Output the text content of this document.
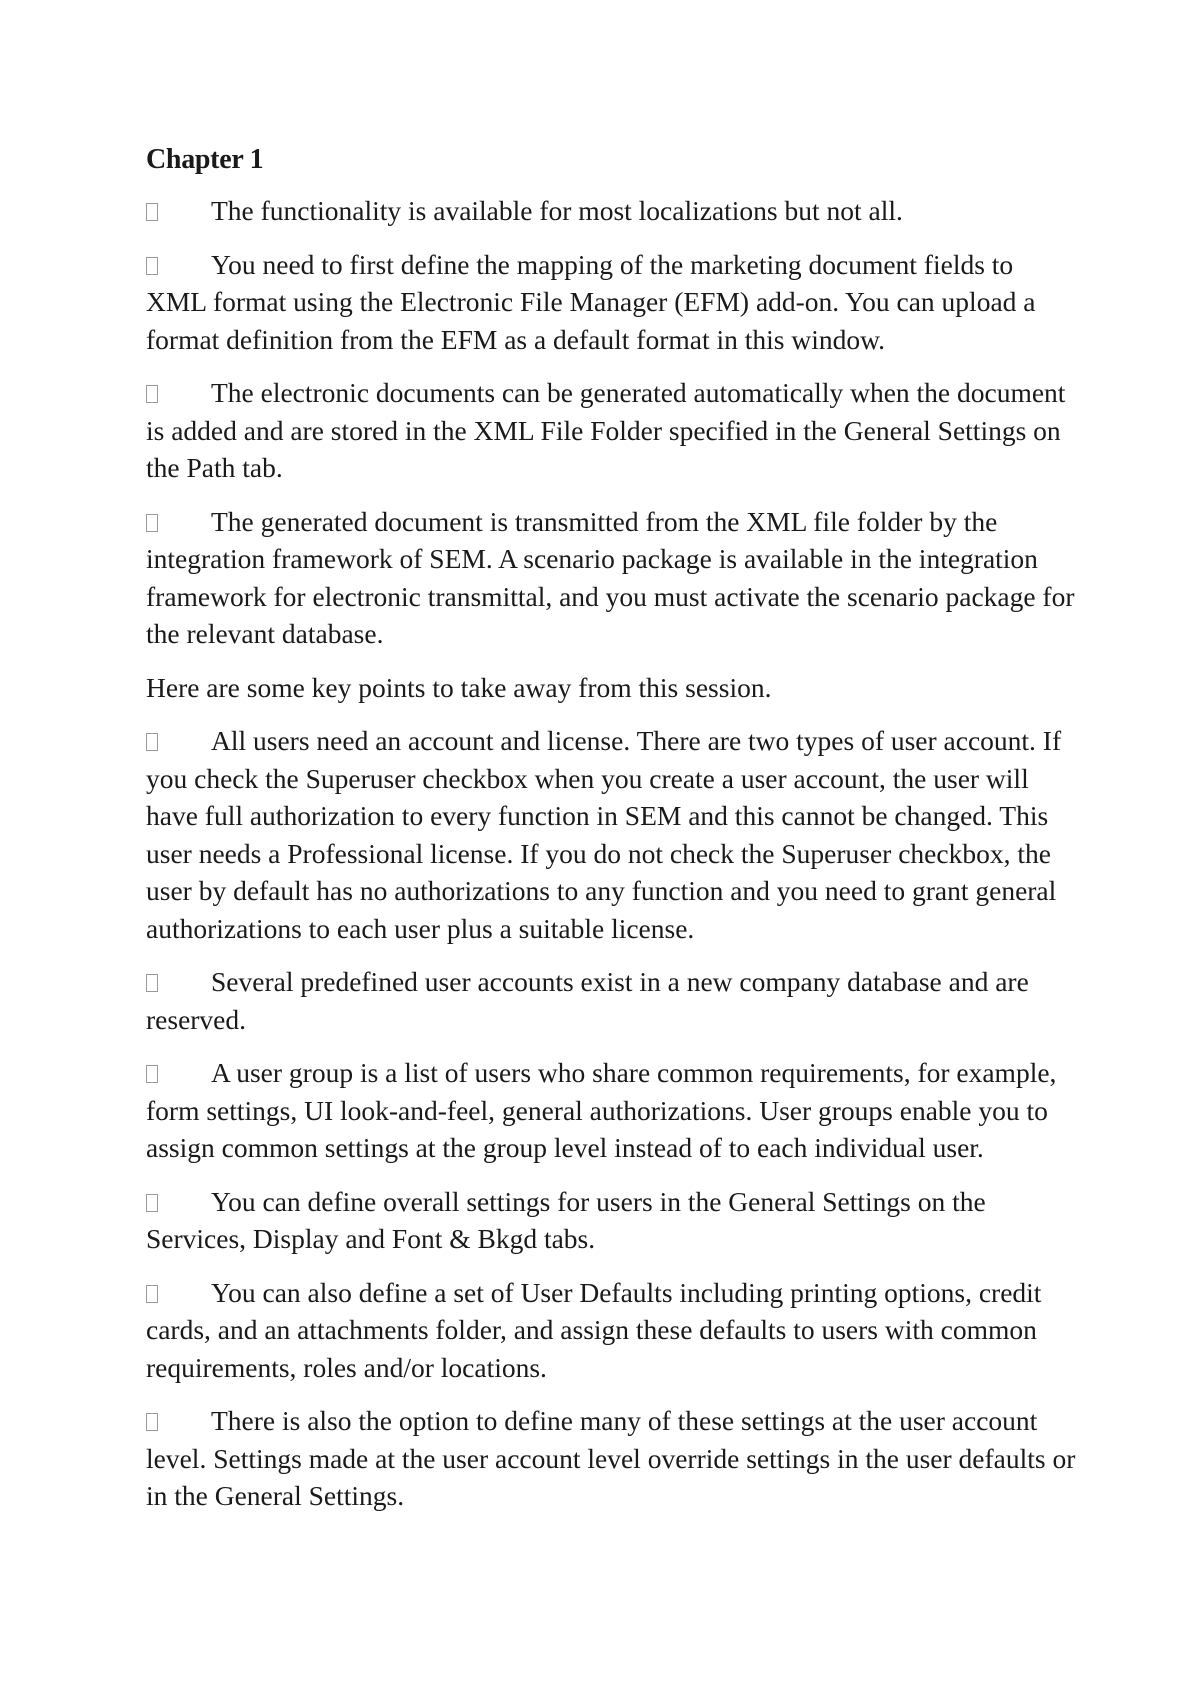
Chapter 1
The functionality is available for most localizations but not all.
You need to first define the mapping of the marketing document fields to XML format using the Electronic File Manager (EFM) add-on. You can upload a format definition from the EFM as a default format in this window.
The electronic documents can be generated automatically when the document is added and are stored in the XML File Folder specified in the General Settings on the Path tab.
The generated document is transmitted from the XML file folder by the integration framework of SEM. A scenario package is available in the integration framework for electronic transmittal, and you must activate the scenario package for the relevant database.
Here are some key points to take away from this session.
All users need an account and license. There are two types of user account. If you check the Superuser checkbox when you create a user account, the user will have full authorization to every function in SEM and this cannot be changed. This user needs a Professional license. If you do not check the Superuser checkbox, the user by default has no authorizations to any function and you need to grant general authorizations to each user plus a suitable license.
Several predefined user accounts exist in a new company database and are reserved.
A user group is a list of users who share common requirements, for example, form settings, UI look-and-feel, general authorizations. User groups enable you to assign common settings at the group level instead of to each individual user.
You can define overall settings for users in the General Settings on the Services, Display and Font & Bkgd tabs.
You can also define a set of User Defaults including printing options, credit cards, and an attachments folder, and assign these defaults to users with common requirements, roles and/or locations.
There is also the option to define many of these settings at the user account level. Settings made at the user account level override settings in the user defaults or in the General Settings.
